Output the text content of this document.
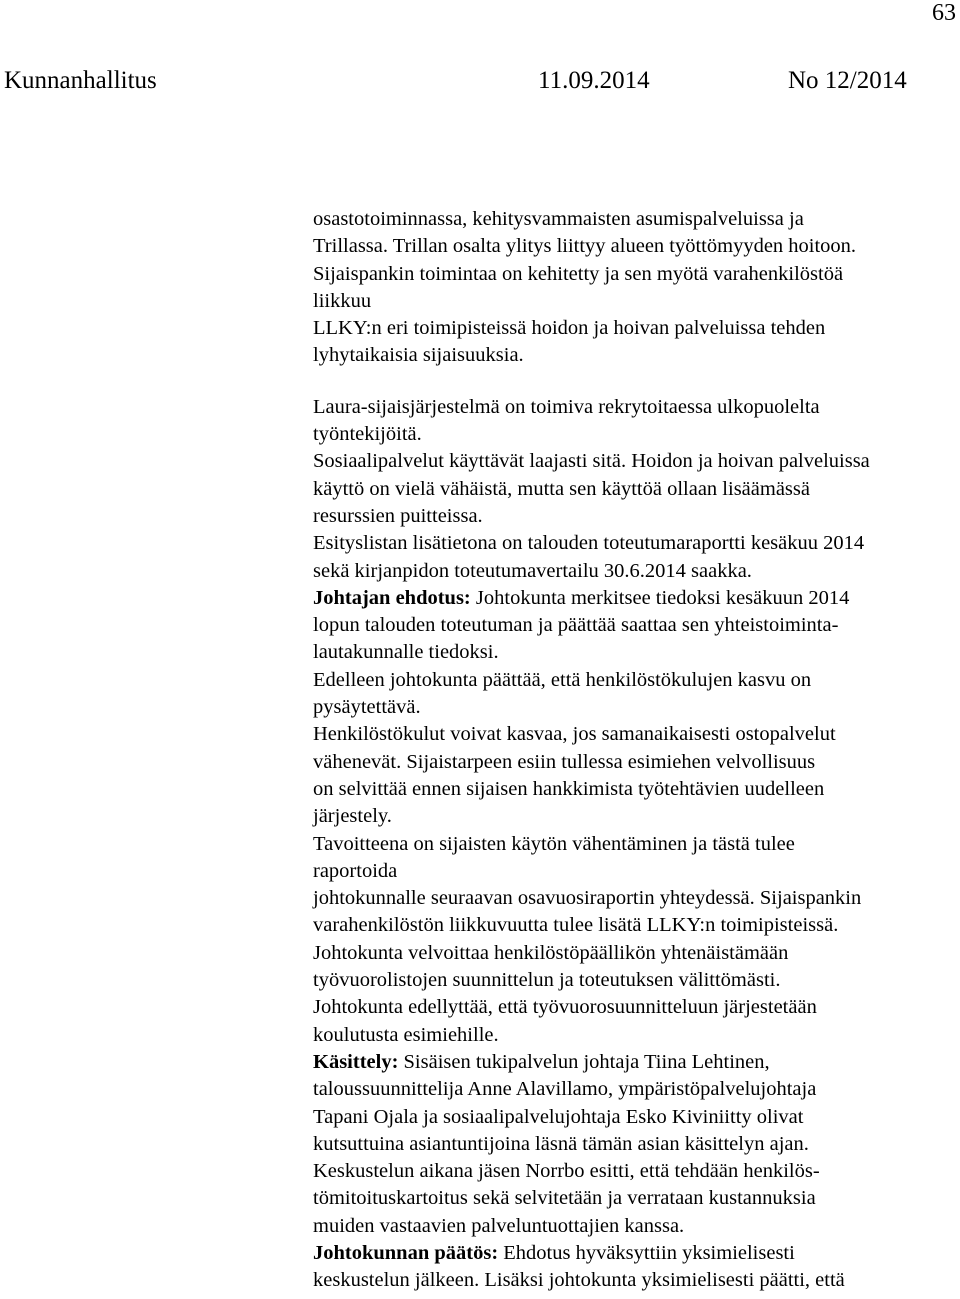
63
Kunnanhallitus	11.09.2014	No 12/2014
osastotoiminnassa, kehitysvammaisten asumispalveluissa ja
Trillassa. Trillan osalta ylitys liittyy alueen työttömyyden hoitoon.
Sijaispankin toimintaa on kehitetty ja sen myötä varahenkilöstöä
liikkuu
LLKY:n eri toimipisteissä hoidon ja hoivan palveluissa tehden
lyhytaikaisia sijaisuuksia.
Laura-sijaisjärjestelmä on toimiva rekrytoitaessa ulkopuolelta
työntekijöitä.
Sosiaalipalvelut käyttävät laajasti sitä. Hoidon ja hoivan palveluissa
käyttö on vielä vähäistä, mutta sen käyttöä ollaan lisäämässä
resurssien puitteissa.
Esityslistan lisätietona on talouden toteutumaraportti kesäkuu 2014
sekä kirjanpidon toteutumavertailu 30.6.2014 saakka.
Johtajan ehdotus: Johtokunta merkitsee tiedoksi kesäkuun 2014
lopun talouden toteutuman ja päättää saattaa sen yhteistoiminta-
lautakunnalle tiedoksi.
Edelleen johtokunta päättää, että henkilöstökulujen kasvu on
pysäytettävä.
Henkilöstökulut voivat kasvaa, jos samanaikaisesti ostopalvelut
vähenevät. Sijaistarpeen esiin tullessa esimiehen velvollisuus
on selvittää ennen sijaisen hankkimista työtehtävien uudelleen
järjestely.
Tavoitteena on sijaisten käytön vähentäminen ja tästä tulee
raportoida
johtokunnalle seuraavan osavuosiraportin yhteydessä. Sijaispankin
varahenkilöstön liikkuvuutta tulee lisätä LLKY:n toimipisteissä.
Johtokunta velvoittaa henkilöstöpäällikön yhtenäistämään
työvuorolistojen suunnittelun ja toteutuksen välittömästi.
Johtokunta edellyttää, että työvuorosuunnitteluun järjestetään
koulutusta esimiehille.
Käsittely: Sisäisen tukipalvelun johtaja Tiina Lehtinen,
taloussuunnittelija Anne Alavillamo, ympäristöpalvelujohtaja
Tapani Ojala ja sosiaalipalvelujohtaja Esko Kiviniitty olivat
kutsuttuina asiantuntijoina läsnä tämän asian käsittelyn ajan.
Keskustelun aikana jäsen Norrbo esitti, että tehdään henkilös-
tömitoituskartoitus sekä selvitetään ja verrataan kustannuksia
muiden vastaavien palveluntuottajien kanssa.
Johtokunnan päätös: Ehdotus hyväksyttiin yksimielisesti
keskustelun jälkeen. Lisäksi johtokunta yksimielisesti päätti, että
